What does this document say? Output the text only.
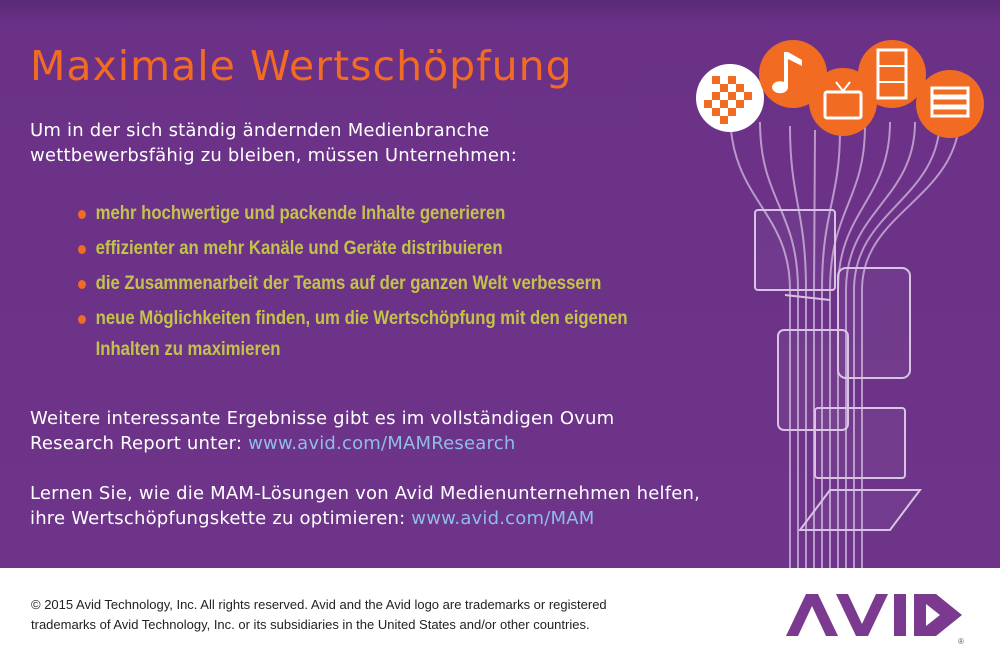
Maximale Wertschöpfung
Um in der sich ständig ändernden Medienbranche
wettbewerbsfähig zu bleiben, müssen Unternehmen:
mehr hochwertige und packende Inhalte generieren
effizienter an mehr Kanäle und Geräte distribuieren
die Zusammenarbeit der Teams auf der ganzen Welt verbessern
neue Möglichkeiten finden, um die Wertschöpfung mit den eigenen
Inhalten zu maximieren
Weitere interessante Ergebnisse gibt es im vollständigen Ovum
Research Report unter: www.avid.com/MAMResearch
Lernen Sie, wie die MAM-Lösungen von Avid Medienunternehmen helfen,
ihre Wertschöpfungskette zu optimieren: www.avid.com/MAM
© 2015 Avid Technology, Inc. All rights reserved. Avid and the Avid logo are trademarks or registered
trademarks of Avid Technology, Inc. or its subsidiaries in the United States and/or other countries.
®
